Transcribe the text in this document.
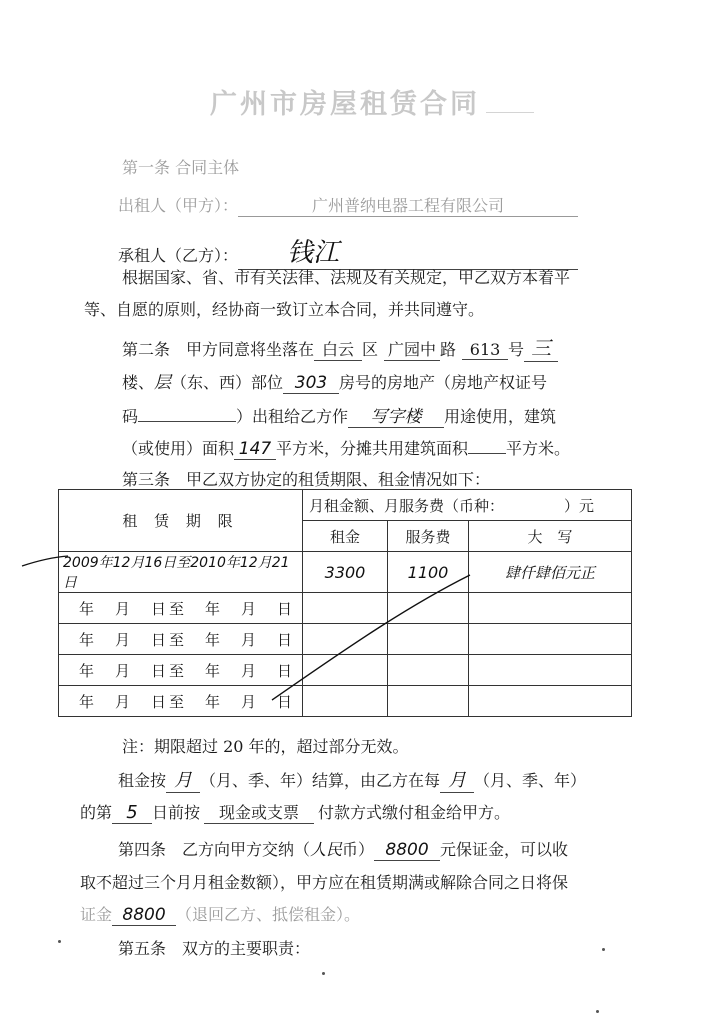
广州市房屋租赁合同
第一条 合同主体
出租人（甲方）：	广州普纳电器工程有限公司
承租人（乙方）： 钱江
根据国家、省、市有关法律、法规及有关规定，甲乙双方本着平
等、自愿的原则，经协商一致订立本合同，并共同遵守。
第二条　甲方同意将坐落在 白云 区 广园中 路 613 号 三
楼、层（东、西）部位 303 房号的房地产（房地产权证号
码	）出租给乙方作 写字楼 用途使用，建筑
（或使用）面积 147 平方米，分摊共用建筑面积 平方米。
第三条　甲乙双方协定的租赁期限、租金情况如下：
租 赁 期 限	月租金额、月服务费（币种： ）元		
	租金	服务费	大　写
2009年12月16日至2010年12月21日	3300	1100	肆仟肆佰元正
年　月　日至　年　月　日			
年　月　日至　年　月　日			
年　月　日至　年　月　日			
年　月　日至　年　月　日			
注：期限超过 20 年的，超过部分无效。
租金按 月 （月、季、年）结算，由乙方在每 月 （月、季、年）
的第 5 日前按 现金或支票 付款方式缴付租金给甲方。
第四条　乙方向甲方交纳（人民币） 8800 元保证金，可以收
取不超过三个月月租金数额），甲方应在租赁期满或解除合同之日将保
证金 8800 （退回乙方、抵偿租金）。
第五条　双方的主要职责：
